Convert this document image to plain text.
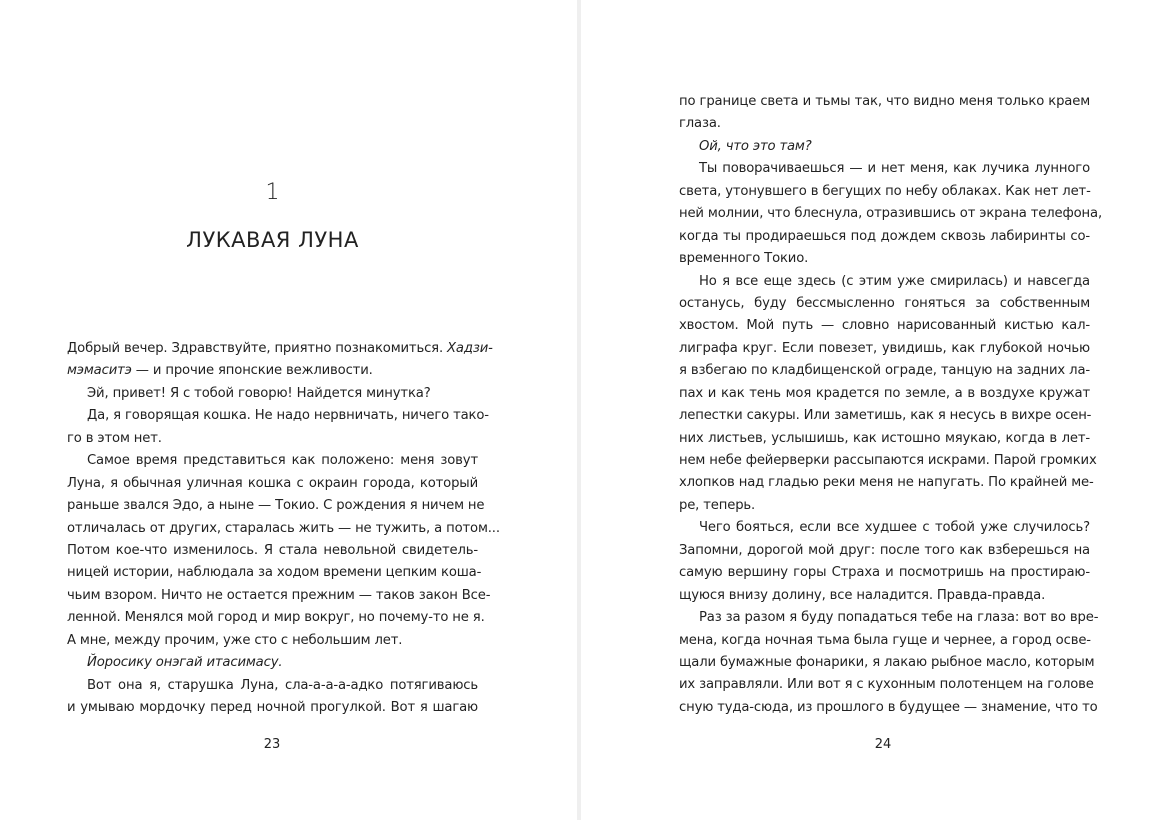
1
ЛУКАВАЯ ЛУНА
Добрый вечер. Здравствуйте, приятно познакомиться. Хадзи-
мэмаситэ — и прочие японские вежливости.
Эй, привет! Я с тобой говорю! Найдется минутка?
Да, я говорящая кошка. Не надо нервничать, ничего тако-
го в этом нет.
Самое время представиться как положено: меня зовут
Луна, я обычная уличная кошка с окраин города, который
раньше звался Эдо, а ныне — Токио. С рождения я ничем не
отличалась от других, старалась жить — не тужить, а потом...
Потом кое-что изменилось. Я стала невольной свидетель-
ницей истории, наблюдала за ходом времени цепким коша-
чьим взором. Ничто не остается прежним — таков закон Все-
ленной. Менялся мой город и мир вокруг, но почему-то не я.
А мне, между прочим, уже сто с небольшим лет.
Йоросику онэгай итасимасу.
Вот она я, старушка Луна, сла-а-а-а-адко потягиваюсь
и умываю мордочку перед ночной прогулкой. Вот я шагаю
23
по границе света и тьмы так, что видно меня только краем
глаза.
Ой, что это там?
Ты поворачиваешься — и нет меня, как лучика лунного
света, утонувшего в бегущих по небу облаках. Как нет лет-
ней молнии, что блеснула, отразившись от экрана телефона,
когда ты продираешься под дождем сквозь лабиринты со-
временного Токио.
Но я все еще здесь (с этим уже смирилась) и навсегда
останусь, буду бессмысленно гоняться за собственным
хвостом. Мой путь — словно нарисованный кистью кал-
лиграфа круг. Если повезет, увидишь, как глубокой ночью
я взбегаю по кладбищенской ограде, танцую на задних ла-
пах и как тень моя крадется по земле, а в воздухе кружат
лепестки сакуры. Или заметишь, как я несусь в вихре осен-
них листьев, услышишь, как истошно мяукаю, когда в лет-
нем небе фейерверки рассыпаются искрами. Парой громких
хлопков над гладью реки меня не напугать. По крайней ме-
ре, теперь.
Чего бояться, если все худшее с тобой уже случилось?
Запомни, дорогой мой друг: после того как взберешься на
самую вершину горы Страха и посмотришь на простираю-
щуюся внизу долину, все наладится. Правда-правда.
Раз за разом я буду попадаться тебе на глаза: вот во вре-
мена, когда ночная тьма была гуще и чернее, а город осве-
щали бумажные фонарики, я лакаю рыбное масло, которым
их заправляли. Или вот я с кухонным полотенцем на голове
сную туда-сюда, из прошлого в будущее — знамение, что то
24
